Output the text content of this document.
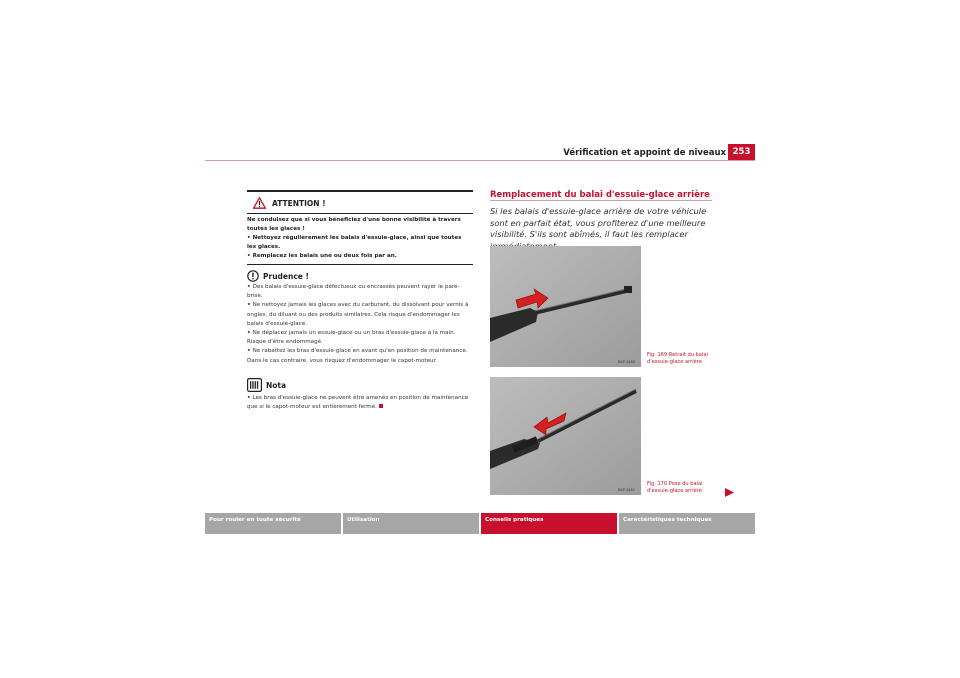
Vérification et appoint de niveaux 253
ATTENTION !

Ne conduisez que si vous bénéficiez d'une bonne visibilité à travers toutes les glaces !

• Nettoyez régulièrement les balais d'essuie-glace, ainsi que toutes les glaces.

• Remplacez les balais une ou deux fois par an.

Prudence !

• Des balais d'essuie-glace défectueux ou encrassés peuvent rayer le pare-brise.

• Ne nettoyez jamais les glaces avec du carburant, du dissolvant pour vernis à ongles, du diluant ou des produits similaires. Cela risque d'endommager les balais d'essuie-glace.

• Ne déplacez jamais un essuie-glace ou un bras d'essuie-glace à la main. Risque d'être endommagé.

• Ne rabattez les bras d'essuie-glace en avant qu'en position de maintenance. Dans le cas contraire, vous risquez d'endommager le capot-moteur.

Nota

• Les bras d'essuie-glace ne peuvent être amenés en position de maintenance que si le capot-moteur est entièrement fermé.

Remplacement du balai d'essuie-glace arrière
Si les balais d'essuie-glace arrière de votre véhicule sont en parfait état, vous profiterez d'une meilleure visibilité. S'ils sont abîmés, il faut les remplacer
B5P-0480
Fig. 169 Retrait du balai
d'essuie-glace arrière
B5P-0481
Fig. 170 Pose du balai
d'essuie-glace arrière
Pour rouler en toute sécurité	Utilisation	Conseils pratiques	Caractéristiques techniques
